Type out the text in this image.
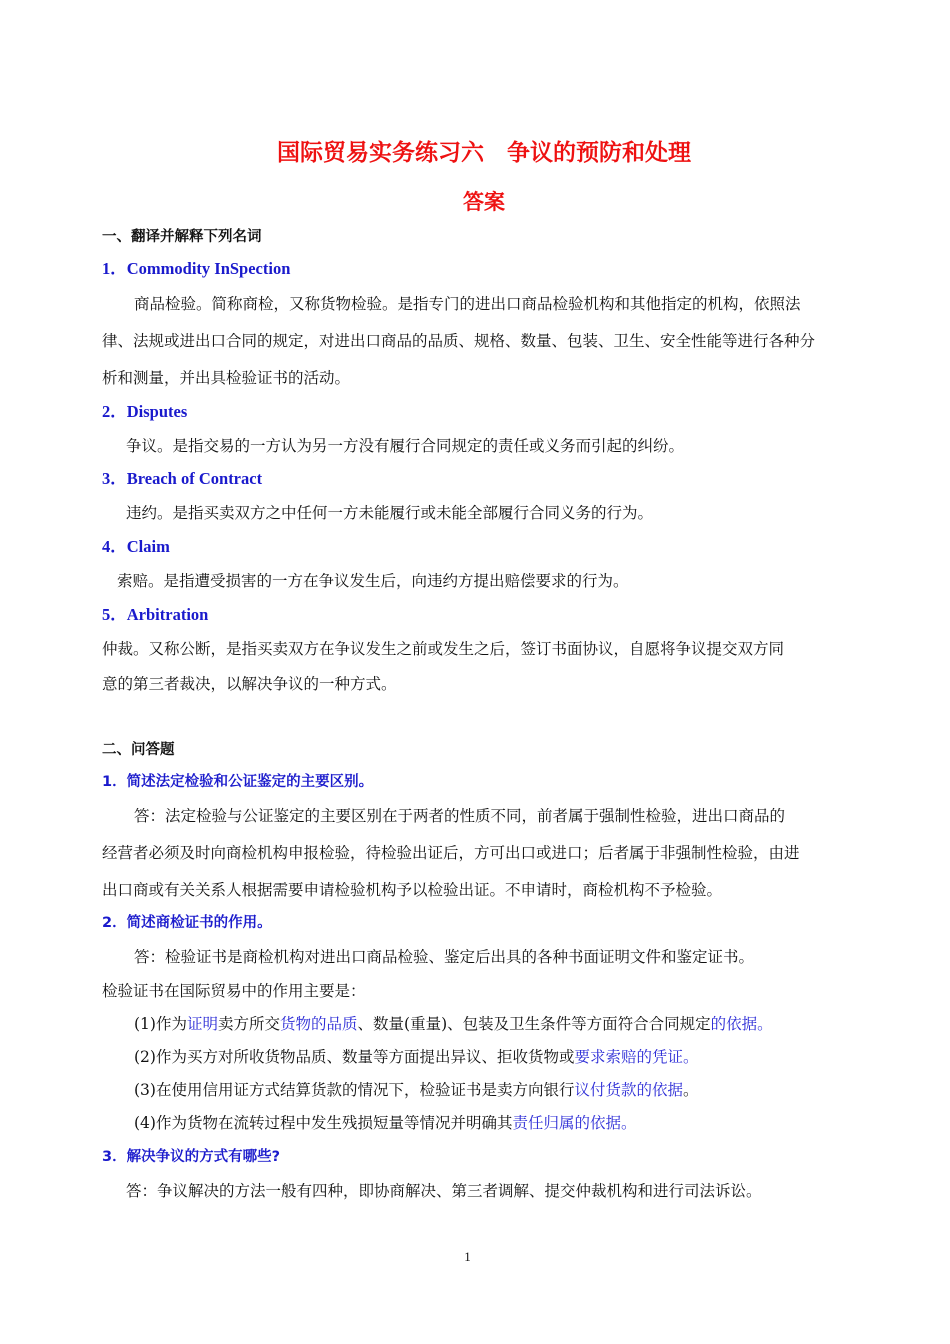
国际贸易实务练习六　争议的预防和处理
答案
一、翻译并解释下列名词
1．Commodity InSpection
商品检验。简称商检，又称货物检验。是指专门的进出口商品检验机构和其他指定的机构，依照法
律、法规或进出口合同的规定，对进出口商品的品质、规格、数量、包装、卫生、安全性能等进行各种分
析和测量，并出具检验证书的活动。
2．Disputes
争议。是指交易的一方认为另一方没有履行合同规定的责任或义务而引起的纠纷。
3．Breach of Contract
违约。是指买卖双方之中任何一方未能履行或未能全部履行合同义务的行为。
4．Claim
索赔。是指遭受损害的一方在争议发生后，向违约方提出赔偿要求的行为。
5．Arbitration
仲裁。又称公断，是指买卖双方在争议发生之前或发生之后，签订书面协议，自愿将争议提交双方同
意的第三者裁决，以解决争议的一种方式。
二、问答题
1．简述法定检验和公证鉴定的主要区别。
答：法定检验与公证鉴定的主要区别在于两者的性质不同，前者属于强制性检验，进出口商品的
经营者必须及时向商检机构申报检验，待检验出证后，方可出口或进口；后者属于非强制性检验，由进
出口商或有关关系人根据需要申请检验机构予以检验出证。不申请时，商检机构不予检验。
2．简述商检证书的作用。
答：检验证书是商检机构对进出口商品检验、鉴定后出具的各种书面证明文件和鉴定证书。
检验证书在国际贸易中的作用主要是：
(1)作为证明卖方所交货物的品质、数量(重量)、包装及卫生条件等方面符合合同规定的依据。
(2)作为买方对所收货物品质、数量等方面提出异议、拒收货物或要求索赔的凭证。
(3)在使用信用证方式结算货款的情况下，检验证书是卖方向银行议付货款的依据。
(4)作为货物在流转过程中发生残损短量等情况并明确其责任归属的依据。
3．解决争议的方式有哪些?
答：争议解决的方法一般有四种，即协商解决、第三者调解、提交仲裁机构和进行司法诉讼。
1
